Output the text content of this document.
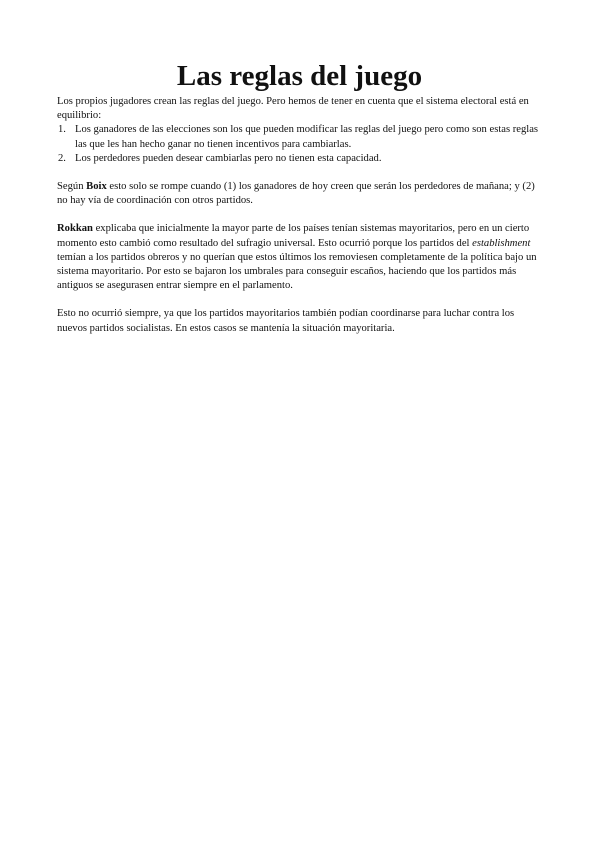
Las reglas del juego

Los propios jugadores crean las reglas del juego. Pero hemos de tener en cuenta que el sistema electoral está en equilibrio:

1. Los ganadores de las elecciones son los que pueden modificar las reglas del juego pero como son estas reglas las que les han hecho ganar no tienen incentivos para cambiarlas.
2. Los perdedores pueden desear cambiarlas pero no tienen esta capacidad.

Según Boix esto solo se rompe cuando (1) los ganadores de hoy creen que serán los perdedores de mañana; y (2) no hay vía de coordinación con otros partidos.

Rokkan explicaba que inicialmente la mayor parte de los países tenían sistemas mayoritarios, pero en un cierto momento esto cambió como resultado del sufragio universal. Esto ocurrió porque los partidos del establishment temían a los partidos obreros y no querían que estos últimos los removiesen completamente de la política bajo un sistema mayoritario. Por esto se bajaron los umbrales para conseguir escaños, haciendo que los partidos más antiguos se asegurasen entrar siempre en el parlamento.

Esto no ocurrió siempre, ya que los partidos mayoritarios también podían coordinarse para luchar contra los nuevos partidos socialistas. En estos casos se mantenía la situación mayoritaria.
